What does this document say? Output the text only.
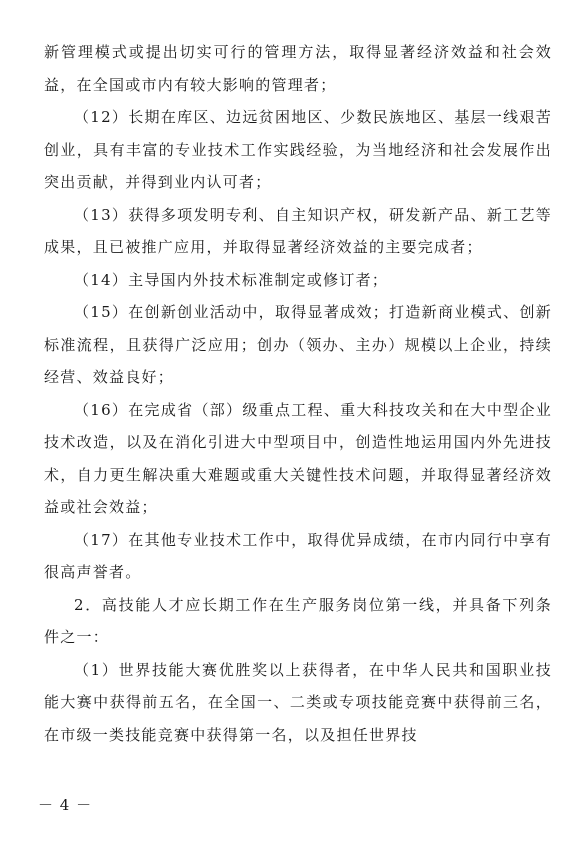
新管理模式或提出切实可行的管理方法，取得显著经济效益和社会效益，在全国或市内有较大影响的管理者；

（12）长期在库区、边远贫困地区、少数民族地区、基层一线艰苦创业，具有丰富的专业技术工作实践经验，为当地经济和社会发展作出突出贡献，并得到业内认可者；

（13）获得多项发明专利、自主知识产权，研发新产品、新工艺等成果，且已被推广应用，并取得显著经济效益的主要完成者；

（14）主导国内外技术标准制定或修订者；

（15）在创新创业活动中，取得显著成效；打造新商业模式、创新标准流程，且获得广泛应用；创办（领办、主办）规模以上企业，持续经营、效益良好；

（16）在完成省（部）级重点工程、重大科技攻关和在大中型企业技术改造，以及在消化引进大中型项目中，创造性地运用国内外先进技术，自力更生解决重大难题或重大关键性技术问题，并取得显著经济效益或社会效益；

（17）在其他专业技术工作中，取得优异成绩，在市内同行中享有很高声誉者。

2．高技能人才应长期工作在生产服务岗位第一线，并具备下列条件之一：

（1）世界技能大赛优胜奖以上获得者，在中华人民共和国职业技能大赛中获得前五名，在全国一、二类或专项技能竞赛中获得前三名，在市级一类技能竞赛中获得第一名，以及担任世界技

－ 4 －
